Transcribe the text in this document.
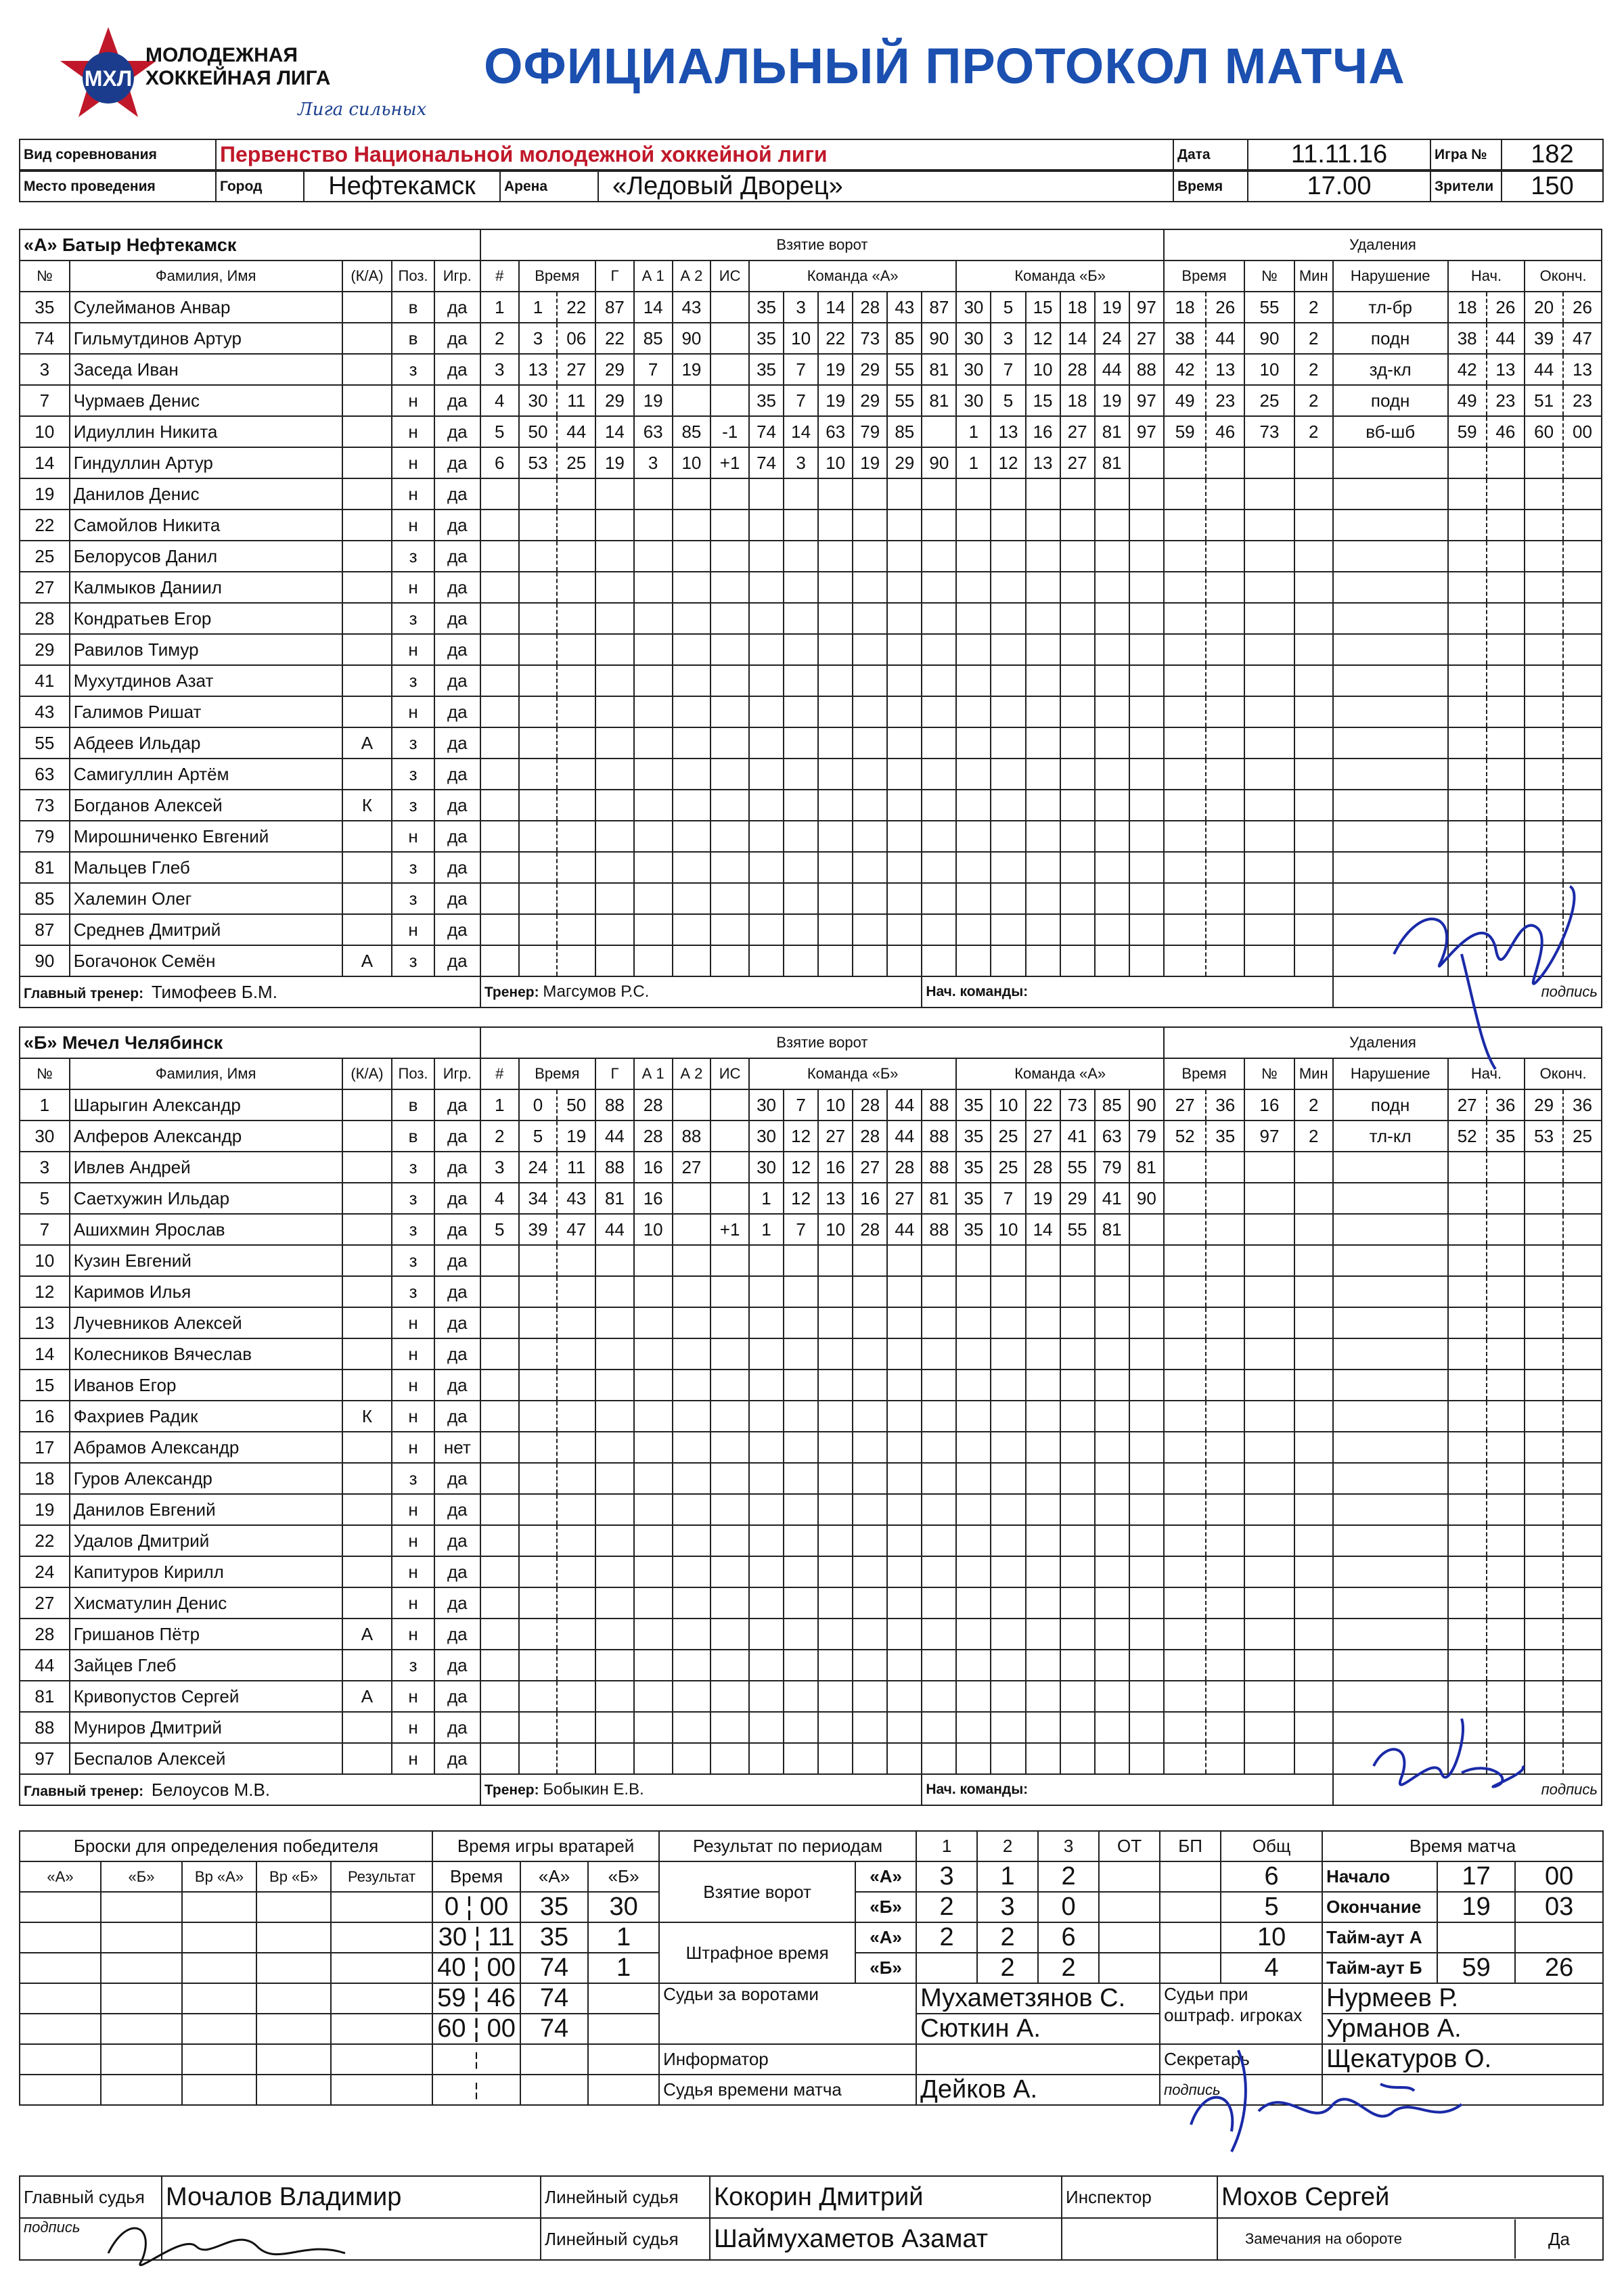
МХЛ
МОЛОДЕЖНАЯ
ХОККЕЙНАЯ ЛИГА
Лига сильных
ОФИЦИАЛЬНЫЙ ПРОТОКОЛ МАТЧА
Вид соревнования	Первенство Национальной молодежной хоккейной лиги	Дата	11.11.16	Игра №	182
Место проведения	Город	Нефтекамск	Арена	«Ледовый Дворец»	Время	17.00	Зрители	150
«А» Батыр Нефтекамск					Взятие ворот																			Удаления								
№	Фамилия, Имя	(К/А)	Поз.	Игр.	#	Время		Г	А 1	А 2	ИС	Команда «А»						Команда «Б»						Время		№	Мин	Нарушение	Нач.		Оконч.	
35	Сулейманов Анвар		в	да	1	1	22	87	14	43		35	3	14	28	43	87	30	5	15	18	19	97	18	26	55	2	тл-бр	18	26	20	26
74	Гильмутдинов Артур		в	да	2	3	06	22	85	90		35	10	22	73	85	90	30	3	12	14	24	27	38	44	90	2	подн	38	44	39	47
3	Заседа Иван		з	да	3	13	27	29	7	19		35	7	19	29	55	81	30	7	10	28	44	88	42	13	10	2	зд-кл	42	13	44	13
7	Чурмаев Денис		н	да	4	30	11	29	19			35	7	19	29	55	81	30	5	15	18	19	97	49	23	25	2	подн	49	23	51	23
10	Идиуллин Никита		н	да	5	50	44	14	63	85	-1	74	14	63	79	85		1	13	16	27	81	97	59	46	73	2	вб-шб	59	46	60	00
14	Гиндуллин Артур		н	да	6	53	25	19	3	10	+1	74	3	10	19	29	90	1	12	13	27	81										
19	Данилов Денис		н	да																												
22	Самойлов Никита		н	да																												
25	Белорусов Данил		з	да																												
27	Калмыков Даниил		н	да																												
28	Кондратьев Егор		з	да																												
29	Равилов Тимур		н	да																												
41	Мухутдинов Азат		з	да																												
43	Галимов Ришат		н	да																												
55	Абдеев Ильдар	А	з	да																												
63	Самигуллин Артём		з	да																												
73	Богданов Алексей	К	з	да																												
79	Мирошниченко Евгений		н	да																												
81	Мальцев Глеб		з	да																												
85	Халемин Олег		з	да																												
87	Среднев Дмитрий		н	да																												
90	Богачонок Семён	А	з	да																												
Главный тренер: Тимофеев Б.М.					Тренер: Магсумов Р.С.												Нач. команды:											подпись				
«Б» Мечел Челябинск					Взятие ворот																			Удаления								
№	Фамилия, Имя	(К/А)	Поз.	Игр.	#	Время		Г	А 1	А 2	ИС	Команда «Б»						Команда «А»						Время		№	Мин	Нарушение	Нач.		Оконч.	
1	Шарыгин Александр		в	да	1	0	50	88	28			30	7	10	28	44	88	35	10	22	73	85	90	27	36	16	2	подн	27	36	29	36
30	Алферов Александр		в	да	2	5	19	44	28	88		30	12	27	28	44	88	35	25	27	41	63	79	52	35	97	2	тл-кл	52	35	53	25
3	Ивлев Андрей		з	да	3	24	11	88	16	27		30	12	16	27	28	88	35	25	28	55	79	81									
5	Саетхужин Ильдар		з	да	4	34	43	81	16			1	12	13	16	27	81	35	7	19	29	41	90									
7	Ашихмин Ярослав		з	да	5	39	47	44	10		+1	1	7	10	28	44	88	35	10	14	55	81										
10	Кузин Евгений		з	да																												
12	Каримов Илья		з	да																												
13	Лучевников Алексей		н	да																												
14	Колесников Вячеслав		н	да																												
15	Иванов Егор		н	да																												
16	Фахриев Радик	К	н	да																												
17	Абрамов Александр		н	нет																												
18	Гуров Александр		з	да																												
19	Данилов Евгений		н	да																												
22	Удалов Дмитрий		н	да																												
24	Капитуров Кирилл		н	да																												
27	Хисматулин Денис		н	да																												
28	Гришанов Пётр	А	н	да																												
44	Зайцев Глеб		з	да																												
81	Кривопустов Сергей	А	н	да																												
88	Муниров Дмитрий		н	да																												
97	Беспалов Алексей		н	да																												
Главный тренер: Белоусов М.В.					Тренер: Бобыкин Е.В.												Нач. команды:											подпись				
Броски для определения победителя					Время игры вратарей			Результат по периодам		1	2	3	ОТ	БП	Общ	Время матча		
«А»	«Б»	Вр «А»	Вр «Б»	Результат	Время	«А»	«Б»	Взятие ворот	«А»	3	1	2			6	Начало	17	00
					0 ¦ 00	35	30		«Б»	2	3	0			5	Окончание	19	03
					30 ¦ 11	35	1	Штрафное время	«А»	2	2	6			10	Тайм-аут А		
					40 ¦ 00	74	1		«Б»		2	2			4	Тайм-аут Б	59	26
					59 ¦ 46	74		Судьи за воротами		Мухаметзянов С.				Судьи при оштраф. игроках		Нурмеев Р.		
					60 ¦ 00	74				Сюткин А.						Урманов А.		
					¦			Информатор						Секретарь		Щекатуров О.		
					¦			Судья времени матча		Дейков А.				подпись				
Главный судья	Мочалов Владимир	Линейный судья	Кокорин Дмитрий	Инспектор	Мохов Сергей
подпись		Линейный судья	Шаймухаметов Азамат		Замечания на обороте Да
